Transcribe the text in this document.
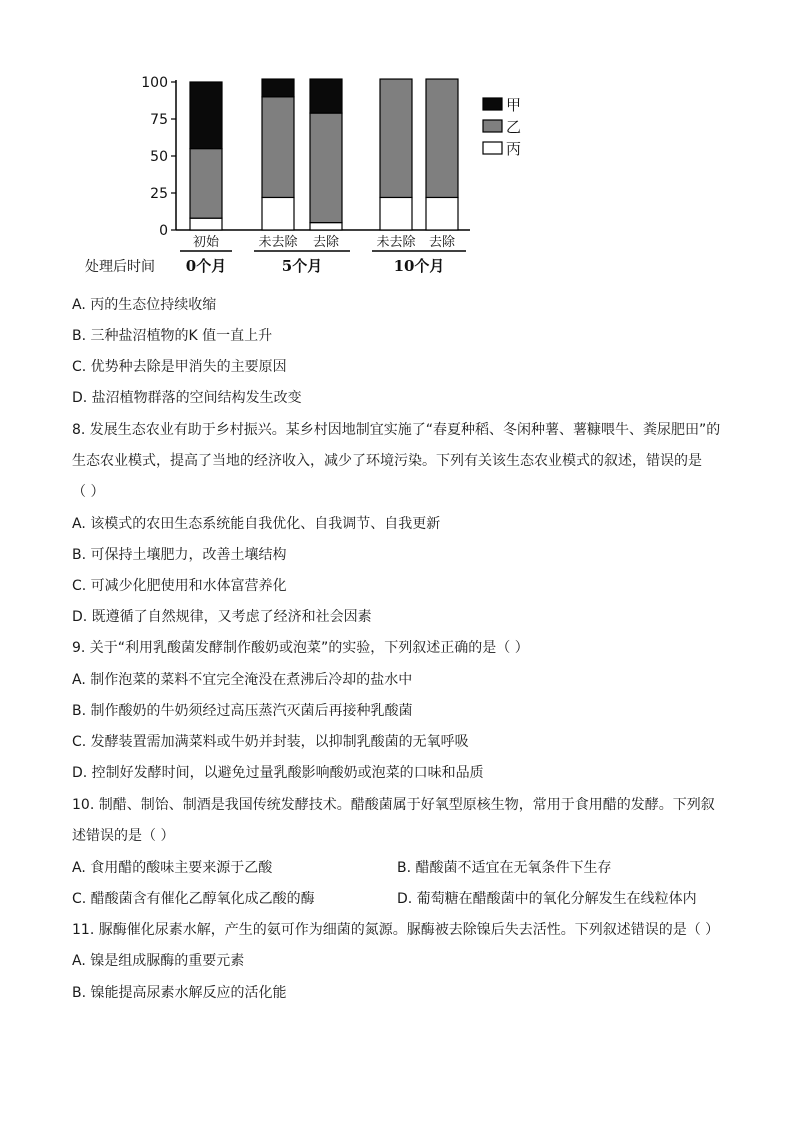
0
25
50
75
100
初始	未去除 去除	未去除 去除
处理后时间 0个月	5个月	10个月
甲
乙
丙
A. 丙的生态位持续收缩
B. 三种盐沼植物的K 值一直上升
C. 优势种去除是甲消失的主要原因
D. 盐沼植物群落的空间结构发生改变
8. 发展生态农业有助于乡村振兴。某乡村因地制宜实施了“春夏种稻、冬闲种薯、薯糠喂牛、粪尿肥田”的
生态农业模式，提高了当地的经济收入，减少了环境污染。下列有关该生态农业模式的叙述，错误的是
（ ）
A. 该模式的农田生态系统能自我优化、自我调节、自我更新
B. 可保持土壤肥力，改善土壤结构
C. 可减少化肥使用和水体富营养化
D. 既遵循了自然规律，又考虑了经济和社会因素
9. 关于“利用乳酸菌发酵制作酸奶或泡菜”的实验，下列叙述正确的是（ ）
A. 制作泡菜的菜料不宜完全淹没在煮沸后冷却的盐水中
B. 制作酸奶的牛奶须经过高压蒸汽灭菌后再接种乳酸菌
C. 发酵装置需加满菜料或牛奶并封装，以抑制乳酸菌的无氧呼吸
D. 控制好发酵时间，以避免过量乳酸影响酸奶或泡菜的口味和品质
10. 制醋、制饴、制酒是我国传统发酵技术。醋酸菌属于好氧型原核生物，常用于食用醋的发酵。下列叙
述错误的是（ ）
A. 食用醋的酸味主要来源于乙酸	B. 醋酸菌不适宜在无氧条件下生存
C. 醋酸菌含有催化乙醇氧化成乙酸的酶	D. 葡萄糖在醋酸菌中的氧化分解发生在线粒体内
11. 脲酶催化尿素水解，产生的氨可作为细菌的氮源。脲酶被去除镍后失去活性。下列叙述错误的是（ ）
A. 镍是组成脲酶的重要元素
B. 镍能提高尿素水解反应的活化能
